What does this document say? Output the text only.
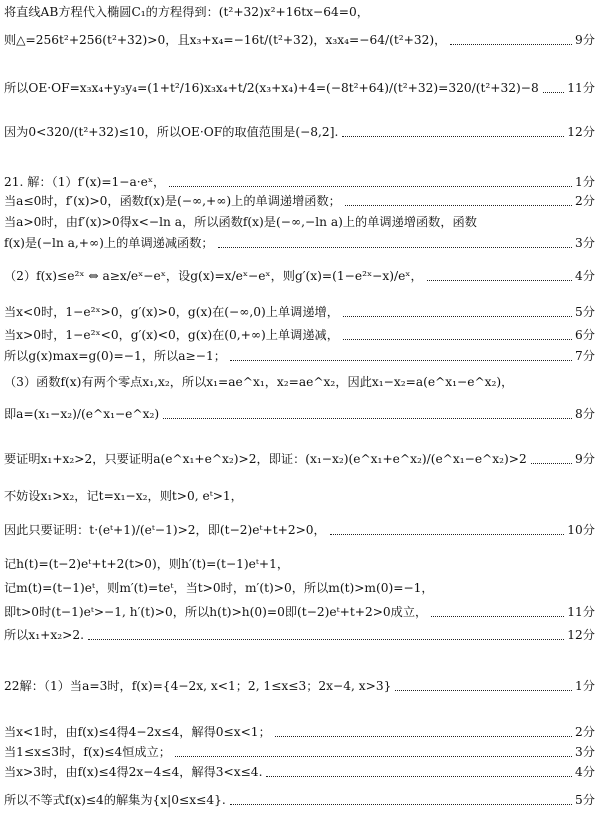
将直线AB方程代入椭圆C₁的方程得到：(t²+32)x²+16tx−64=0，
则△=256t²+256(t²+32)>0，且x₃+x₄=−16t/(t²+32)，x₃x₄=−64/(t²+32)，	9分
所以OE·OF=x₃x₄+y₃y₄=(1+t²/16)x₃x₄+t/2(x₃+x₄)+4=(−8t²+64)/(t²+32)=320/(t²+32)−8 11分
因为0<320/(t²+32)≤10，所以OE·OF的取值范围是(−8,2].	12分
21. 解：（1）f′(x)=1−a·eˣ，	1分
当a≤0时，f′(x)>0，函数f(x)是(−∞,+∞)上的单调递增函数；	2分
当a>0时，由f′(x)>0得x<−ln a，所以函数f(x)是(−∞,−ln a)上的单调递增函数，函数
f(x)是(−ln a,+∞)上的单调递减函数；	3分
（2）f(x)≤e²ˣ ⇔ a≥x/eˣ−eˣ，设g(x)=x/eˣ−eˣ，则g′(x)=(1−e²ˣ−x)/eˣ，	4分
当x<0时，1−e²ˣ>0，g′(x)>0，g(x)在(−∞,0)上单调递增，	5分
当x>0时，1−e²ˣ<0，g′(x)<0，g(x)在(0,+∞)上单调递减，	6分
所以g(x)max=g(0)=−1，所以a≥−1；	7分
（3）函数f(x)有两个零点x₁,x₂，所以x₁=ae^x₁，x₂=ae^x₂，因此x₁−x₂=a(e^x₁−e^x₂)，
即a=(x₁−x₂)/(e^x₁−e^x₂)	8分
要证明x₁+x₂>2，只要证明a(e^x₁+e^x₂)>2，即证：(x₁−x₂)(e^x₁+e^x₂)/(e^x₁−e^x₂)>2	9分
不妨设x₁>x₂，记t=x₁−x₂，则t>0, eᵗ>1，
因此只要证明：t·(eᵗ+1)/(eᵗ−1)>2，即(t−2)eᵗ+t+2>0，	10分
记h(t)=(t−2)eᵗ+t+2(t>0)，则h′(t)=(t−1)eᵗ+1，
记m(t)=(t−1)eᵗ，则m′(t)=teᵗ，当t>0时，m′(t)>0，所以m(t)>m(0)=−1，
即t>0时(t−1)eᵗ>−1, h′(t)>0，所以h(t)>h(0)=0即(t−2)eᵗ+t+2>0成立，	11分
所以x₁+x₂>2.	12分
22解：（1）当a=3时，f(x)={4−2x, x<1；2, 1≤x≤3；2x−4, x>3}	1分
当x<1时，由f(x)≤4得4−2x≤4，解得0≤x<1；	2分
当1≤x≤3时，f(x)≤4恒成立；	3分
当x>3时，由f(x)≤4得2x−4≤4，解得3<x≤4.	4分
所以不等式f(x)≤4的解集为{x|0≤x≤4}.	5分
